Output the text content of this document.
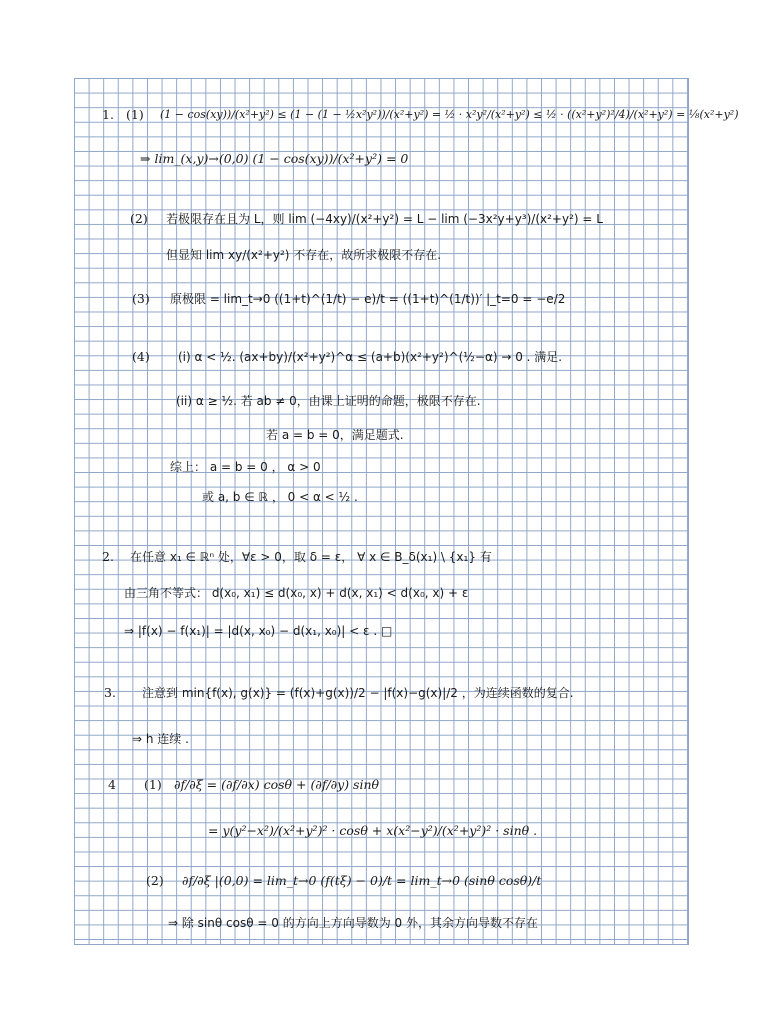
1. (1) (1 − cos(xy))/(x²+y²) ≤ (1 − (1 − ½x²y²))/(x²+y²) = ½ · x²y²/(x²+y²) ≤ ½ · ((x²+y²)²/4)/(x²+y²) = ⅛(x²+y²)
⇒ lim_(x,y)→(0,0) (1 − cos(xy))/(x²+y²) = 0
(2) 若极限存在且为 L，则 lim (−4xy)/(x²+y²) = L − lim (−3x²y+y³)/(x²+y²) = L
但显知 lim xy/(x²+y²) 不存在，故所求极限不存在.
(3) 原极限 = lim_t→0 ((1+t)^(1/t) − e)/t = ((1+t)^(1/t))′ |_t=0 = −e/2
(4) (i) α < ½. (ax+by)/(x²+y²)^α ≤ (a+b)(x²+y²)^(½−α) → 0 . 满足.
(ii) α ≥ ½. 若 ab ≠ 0，由课上证明的命题，极限不存在.
若 a = b = 0，满足题式.
综上： a = b = 0 ， α > 0
或 a, b ∈ ℝ ， 0 < α < ½ .
2. 在任意 x₁ ∈ ℝⁿ 处，∀ε > 0，取 δ = ε， ∀ x ∈ B_δ(x₁) \ {x₁} 有
由三角不等式： d(x₀, x₁) ≤ d(x₀, x) + d(x, x₁) < d(x₀, x) + ε
⇒ |f(x) − f(x₁)| = |d(x, x₀) − d(x₁, x₀)| < ε . □
3. 注意到 min{f(x), g(x)} = (f(x)+g(x))/2 − |f(x)−g(x)|/2 ，为连续函数的复合.
⇒ h 连续 .
4 (1) ∂f/∂ξ = (∂f/∂x) cosθ + (∂f/∂y) sinθ
= y(y²−x²)/(x²+y²)² · cosθ + x(x²−y²)/(x²+y²)² · sinθ .
(2) ∂f/∂ξ |(0,0) = lim_t→0 (f(tξ) − 0)/t = lim_t→0 (sinθ cosθ)/t
⇒ 除 sinθ cosθ = 0 的方向上方向导数为 0 外，其余方向导数不存在
